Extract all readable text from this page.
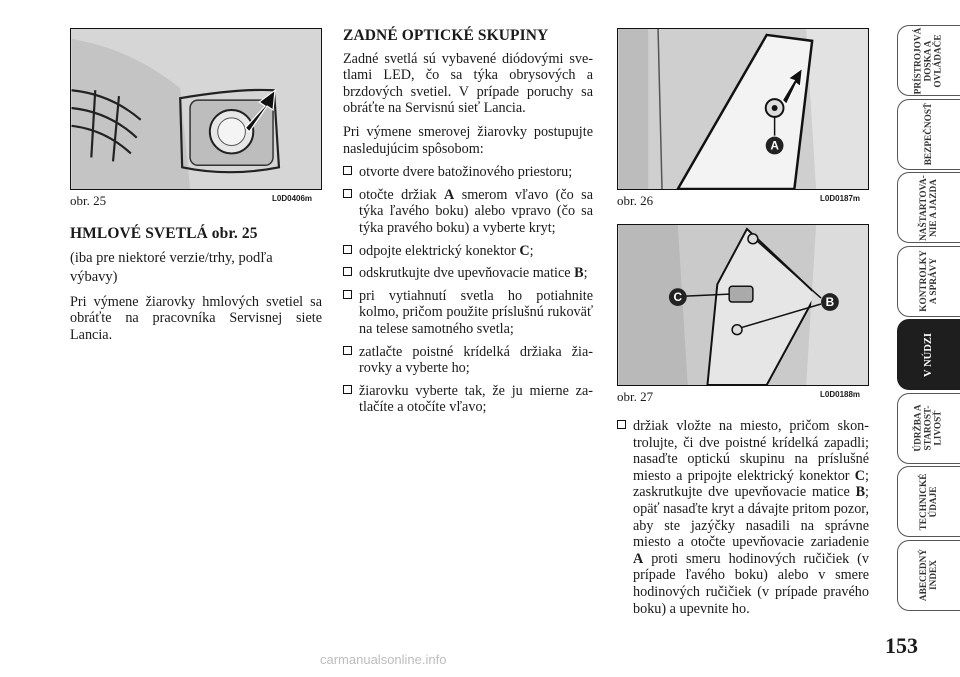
obr. 25	L0D0406m
HMLOVÉ SVETLÁ obr. 25

(iba pre niektoré verzie/trhy, podľa výbavy)

Pri výmene žiarovky hmlových svetiel sa obráťte na pracovníka Servisnej siete Lancia.

ZADNÉ OPTICKÉ SKUPINY

Zadné svetlá sú vybavené diódovými svetlami LED, čo sa týka obrysových a brzdových svetiel. V prípade poruchy sa obráťte na Servisnú sieť Lancia.

Pri výmene smerovej žiarovky postupujte nasledujúcim spôsobom:

otvorte dvere batožinového priestoru;
otočte držiak A smerom vľavo (čo sa týka ľavého boku) alebo vpravo (čo sa týka pravého boku) a vyberte kryt;
odpojte elektrický konektor C;
odskrutkujte dve upevňovacie matice B;
pri vytiahnutí svetla ho potiahnite kolmo, pričom použite príslušnú rukoväť na telese samotného svetla;
zatlačte poistné krídelká držiaka žiarovky a vyberte ho;
žiarovku vyberte tak, že ju mierne zatlačíte a otočíte vľavo;
A
obr. 26	L0D0187m
C	B
obr. 27	L0D0188m
držiak vložte na miesto, pričom skontrolujte, či dve poistné krídelká zapadli; nasaďte optickú skupinu na príslušné miesto a pripojte elektrický konektor C; zaskrutkujte dve upevňovacie matice B; opäť nasaďte kryt a dávajte pritom pozor, aby ste jazýčky nasadili na správne miesto a otočte upevňovacie zariadenie A proti smeru hodinových ručičiek (v prípade ľavého boku) alebo v smere hodinových ručičiek (v prípade pravého boku) a upevnite ho.
PRÍSTROJOVÁ DOSKA A OVLÁDAČE
BEZPEČNOSŤ
NAŠTARTOVA- NIE A JAZDA
KONTROLKY A SPRÁVY
V NÚDZI
ÚDRŽBA A STAROST- LIVOSŤ
TECHNICKÉ ÚDAJE
ABECEDNÝ INDEX
153
carmanualsonline.info
